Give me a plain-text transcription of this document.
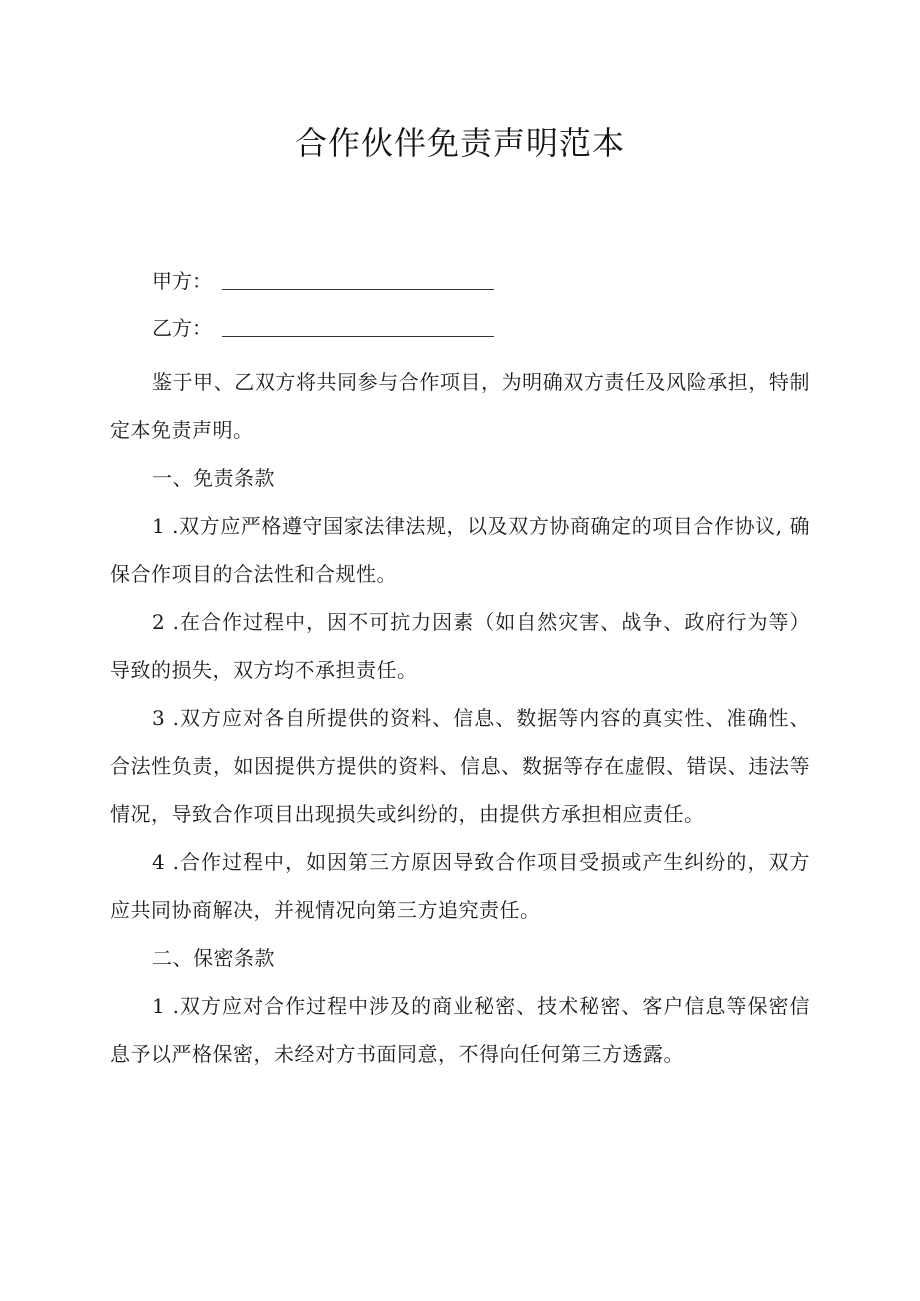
合作伙伴免责声明范本
甲方：
乙方：

鉴于甲、乙双方将共同参与合作项目，为明确双方责任及风险承担，特制定本免责声明。

一、免责条款

1 .双方应严格遵守国家法律法规，以及双方协商确定的项目合作协议, 确保合作项目的合法性和合规性。

2 .在合作过程中，因不可抗力因素（如自然灾害、战争、政府行为等）导致的损失，双方均不承担责任。

3 .双方应对各自所提供的资料、信息、数据等内容的真实性、准确性、合法性负责，如因提供方提供的资料、信息、数据等存在虚假、错误、违法等情况，导致合作项目出现损失或纠纷的，由提供方承担相应责任。

4 .合作过程中，如因第三方原因导致合作项目受损或产生纠纷的，双方应共同协商解决，并视情况向第三方追究责任。

二、保密条款

1 .双方应对合作过程中涉及的商业秘密、技术秘密、客户信息等保密信息予以严格保密，未经对方书面同意，不得向任何第三方透露。
